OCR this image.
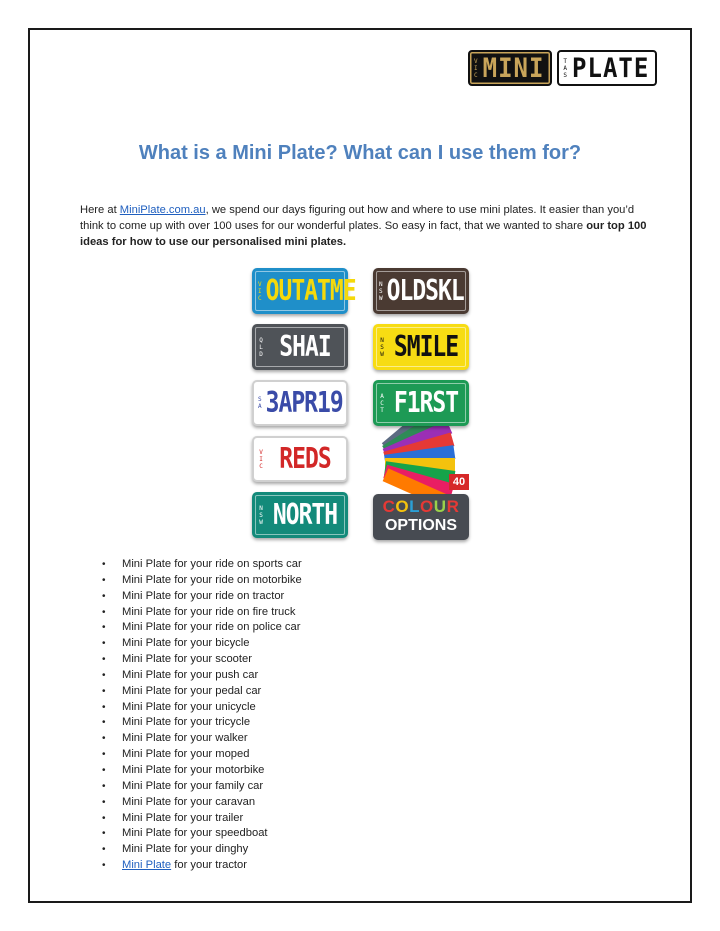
V
I
C MINI	T
A
S PLATE
What is a Mini Plate? What can I use them for?

Here at MiniPlate.com.au, we spend our days figuring out how and where to use mini plates. It easier than you’d think to come up with over 100 uses for our wonderful plates. So easy in fact, that we wanted to share our top 100 ideas for how to use our personalised mini plates.

40
COLOUR
OPTIONS
V
I
C OUTATME	N
S
W OLDSKL
Q
L
D SHAI	N
S
W SMILE
S
A 3APR19	A
C
T F1RST
V
I
C REDS
N
S
W NORTH
• Mini Plate for your ride on sports car
• Mini Plate for your ride on motorbike
• Mini Plate for your ride on tractor
• Mini Plate for your ride on fire truck
• Mini Plate for your ride on police car
• Mini Plate for your bicycle
• Mini Plate for your scooter
• Mini Plate for your push car
• Mini Plate for your pedal car
• Mini Plate for your unicycle
• Mini Plate for your tricycle
• Mini Plate for your walker
• Mini Plate for your moped
• Mini Plate for your motorbike
• Mini Plate for your family car
• Mini Plate for your caravan
• Mini Plate for your trailer
• Mini Plate for your speedboat
• Mini Plate for your dinghy
• Mini Plate for your tractor
